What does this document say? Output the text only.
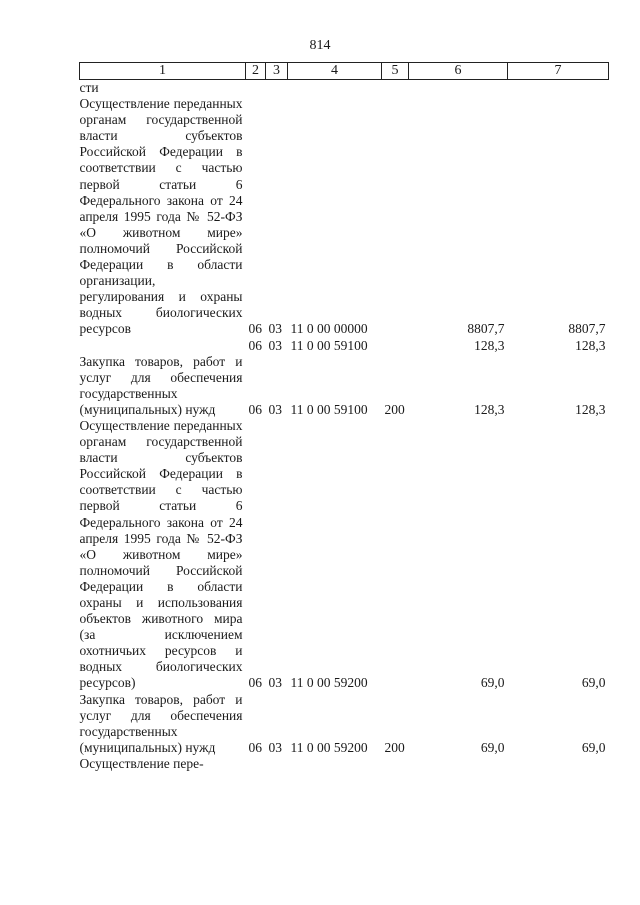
814
1	2	3	4	5	6	7
сти						
Осуществление переданных органам государственной власти субъектов Российской Федерации в соответствии с частью первой статьи 6 Федерального закона от 24 апреля 1995 года № 52-ФЗ «О животном мире» полномочий Российской Федерации в области организации, регулирования и охраны водных биологических ресурсов	06	03	11 0 00 00000		8807,7	8807,7
	06	03	11 0 00 59100		128,3	128,3
Закупка товаров, работ и услуг для обеспечения государственных (муниципальных) нужд	06	03	11 0 00 59100	200	128,3	128,3
Осуществление переданных органам государственной власти субъектов Российской Федерации в соответствии с частью первой статьи 6 Федерального закона от 24 апреля 1995 года № 52-ФЗ «О животном мире» полномочий Российской Федерации в области охраны и использования объектов животного мира (за исключением охотничьих ресурсов и водных биологических ресурсов)	06	03	11 0 00 59200		69,0	69,0
Закупка товаров, работ и услуг для обеспечения государственных (муниципальных) нужд	06	03	11 0 00 59200	200	69,0	69,0
Осуществление пере-						
